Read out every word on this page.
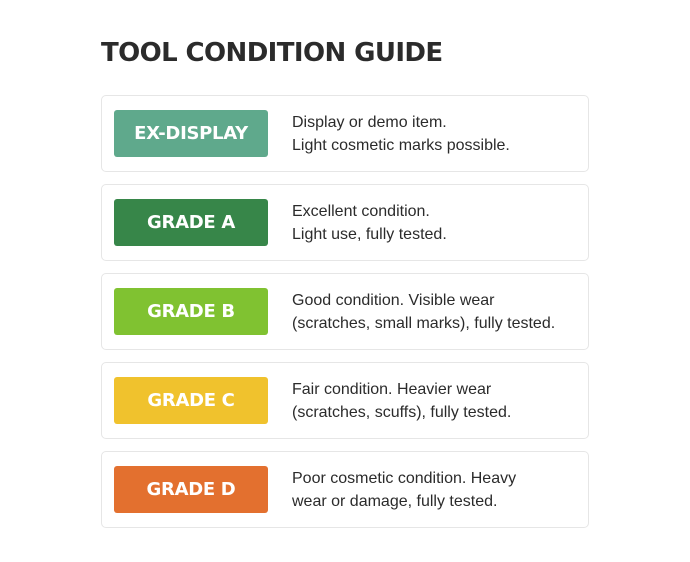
TOOL CONDITION GUIDE
EX-DISPLAY
Display or demo item.
Light cosmetic marks possible.
GRADE A
Excellent condition.
Light use, fully tested.
GRADE B
Good condition. Visible wear
(scratches, small marks), fully tested.
GRADE C
Fair condition. Heavier wear
(scratches, scuffs), fully tested.
GRADE D
Poor cosmetic condition. Heavy
wear or damage, fully tested.
